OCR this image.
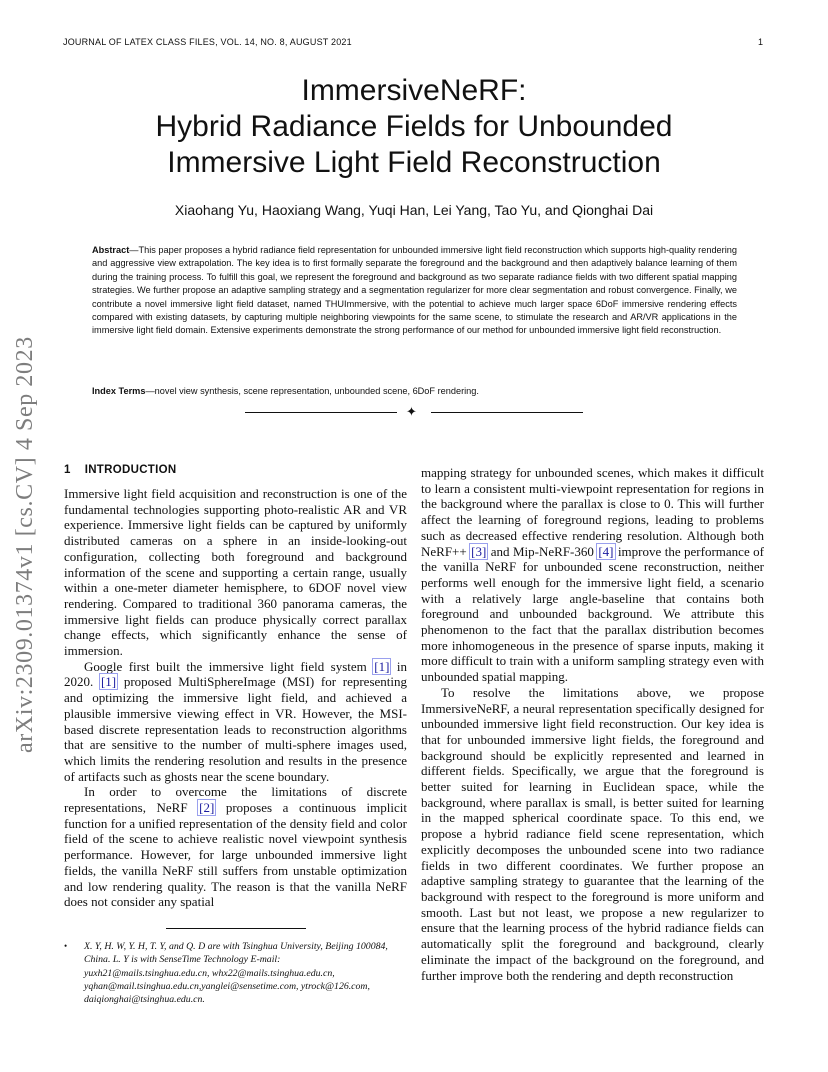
JOURNAL OF LATEX CLASS FILES, VOL. 14, NO. 8, AUGUST 2021	1
ImmersiveNeRF:
Hybrid Radiance Fields for Unbounded
Immersive Light Field Reconstruction
Xiaohang Yu, Haoxiang Wang, Yuqi Han, Lei Yang, Tao Yu, and Qionghai Dai
Abstract—This paper proposes a hybrid radiance field representation for unbounded immersive light field reconstruction which supports high-quality rendering and aggressive view extrapolation. The key idea is to first formally separate the foreground and the background and then adaptively balance learning of them during the training process. To fulfill this goal, we represent the foreground and background as two separate radiance fields with two different spatial mapping strategies. We further propose an adaptive sampling strategy and a segmentation regularizer for more clear segmentation and robust convergence. Finally, we contribute a novel immersive light field dataset, named THUImmersive, with the potential to achieve much larger space 6DoF immersive rendering effects compared with existing datasets, by capturing multiple neighboring viewpoints for the same scene, to stimulate the research and AR/VR applications in the immersive light field domain. Extensive experiments demonstrate the strong performance of our method for unbounded immersive light field reconstruction.
Index Terms—novel view synthesis, scene representation, unbounded scene, 6DoF rendering.
✦
arXiv:2309.01374v1 [cs.CV] 4 Sep 2023	1 INTRODUCTION

Immersive light field acquisition and reconstruction is one of the fundamental technologies supporting photo-realistic AR and VR experience. Immersive light fields can be captured by uniformly distributed cameras on a sphere in an inside-looking-out configuration, collecting both foreground and background information of the scene and supporting a certain range, usually within a one-meter diameter hemisphere, to 6DOF novel view rendering. Compared to traditional 360 panorama cameras, the immersive light fields can produce physically correct parallax change effects, which significantly enhance the sense of immersion.

Google first built the immersive light field system [1] in 2020. [1] proposed MultiSphereImage (MSI) for representing and optimizing the immersive light field, and achieved a plausible immersive viewing effect in VR. However, the MSI-based discrete representation leads to reconstruction algorithms that are sensitive to the number of multi-sphere images used, which limits the rendering resolution and results in the presence of artifacts such as ghosts near the scene boundary.

In order to overcome the limitations of discrete representations, NeRF [2] proposes a continuous implicit function for a unified representation of the density field and color field of the scene to achieve realistic novel viewpoint synthesis performance. However, for large unbounded immersive light fields, the vanilla NeRF still suffers from unstable optimization and low rendering quality. The reason is that the vanilla NeRF does not consider any spatial

• X. Y, H. W, Y. H, T. Y, and Q. D are with Tsinghua University, Beijing 100084, China. L. Y is with SenseTime Technology E-mail: yuxh21@mails.tsinghua.edu.cn, whx22@mails.tsinghua.edu.cn, yqhan@mail.tsinghua.edu.cn,yanglei@sensetime.com, ytrock@126.com, daiqionghai@tsinghua.edu.cn.

mapping strategy for unbounded scenes, which makes it difficult to learn a consistent multi-viewpoint representation for regions in the background where the parallax is close to 0. This will further affect the learning of foreground regions, leading to problems such as decreased effective rendering resolution. Although both NeRF++ [3] and Mip-NeRF-360 [4] improve the performance of the vanilla NeRF for unbounded scene reconstruction, neither performs well enough for the immersive light field, a scenario with a relatively large angle-baseline that contains both foreground and unbounded background. We attribute this phenomenon to the fact that the parallax distribution becomes more inhomogeneous in the presence of sparse inputs, making it more difficult to train with a uniform sampling strategy even with unbounded spatial mapping.

To resolve the limitations above, we propose ImmersiveNeRF, a neural representation specifically designed for unbounded immersive light field reconstruction. Our key idea is that for unbounded immersive light fields, the foreground and background should be explicitly represented and learned in different fields. Specifically, we argue that the foreground is better suited for learning in Euclidean space, while the background, where parallax is small, is better suited for learning in the mapped spherical coordinate space. To this end, we propose a hybrid radiance field scene representation, which explicitly decomposes the unbounded scene into two radiance fields in two different coordinates. We further propose an adaptive sampling strategy to guarantee that the learning of the background with respect to the foreground is more uniform and smooth. Last but not least, we propose a new regularizer to ensure that the learning process of the hybrid radiance fields can automatically split the foreground and background, clearly eliminate the impact of the background on the foreground, and further improve both the rendering and depth reconstruction
